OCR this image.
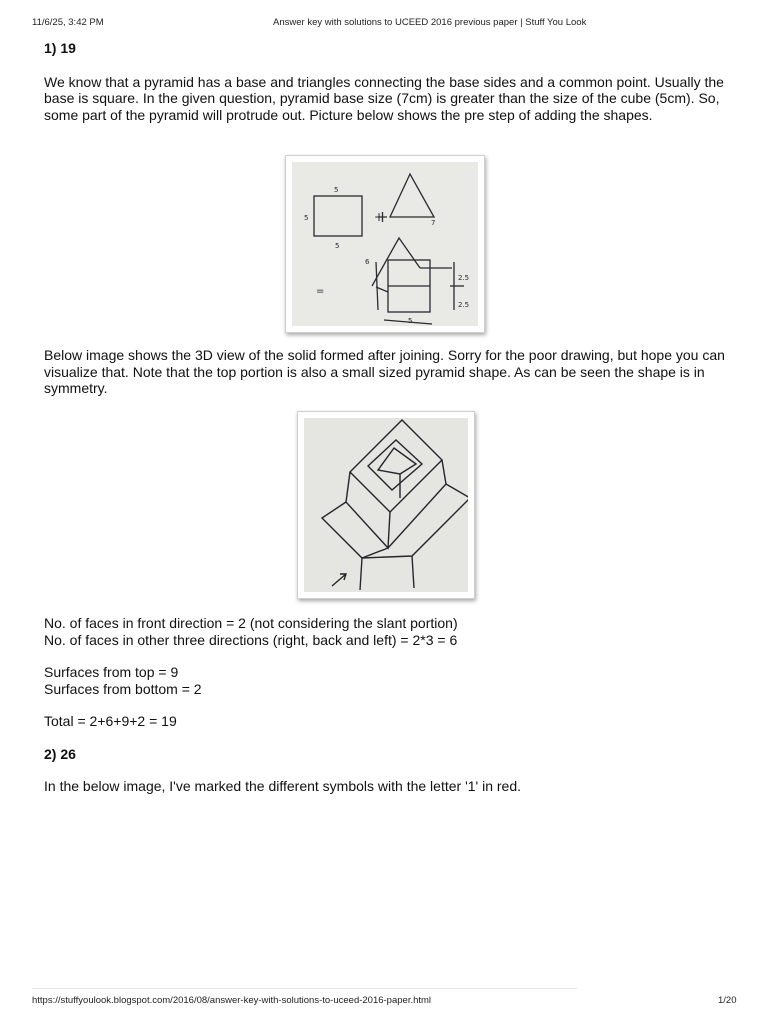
11/6/25, 3:42 PM	Answer key with solutions to UCEED 2016 previous paper | Stuff You Look

1) 19

We know that a pyramid has a base and triangles connecting the base sides and a common point. Usually the base is square. In the given question, pyramid base size (7cm) is greater than the size of the cube (5cm). So, some part of the pyramid will protrude out. Picture below shows the pre step of adding the shapes.

Below image shows the 3D view of the solid formed after joining. Sorry for the poor drawing, but hope you can visualize that. Note that the top portion is also a small sized pyramid shape. As can be seen the shape is in symmetry.

No. of faces in front direction = 2 (not considering the slant portion)

No. of faces in other three directions (right, back and left) = 2*3 = 6

Surfaces from top = 9

Surfaces from bottom = 2

Total = 2+6+9+2 = 19

2) 26

In the below image, I've marked the different symbols with the letter '1' in red.

5
5
5
7
+
6
=
2.5
2.5
5
https://stuffyoulook.blogspot.com/2016/08/answer-key-with-solutions-to-uceed-2016-paper.html	1/20
